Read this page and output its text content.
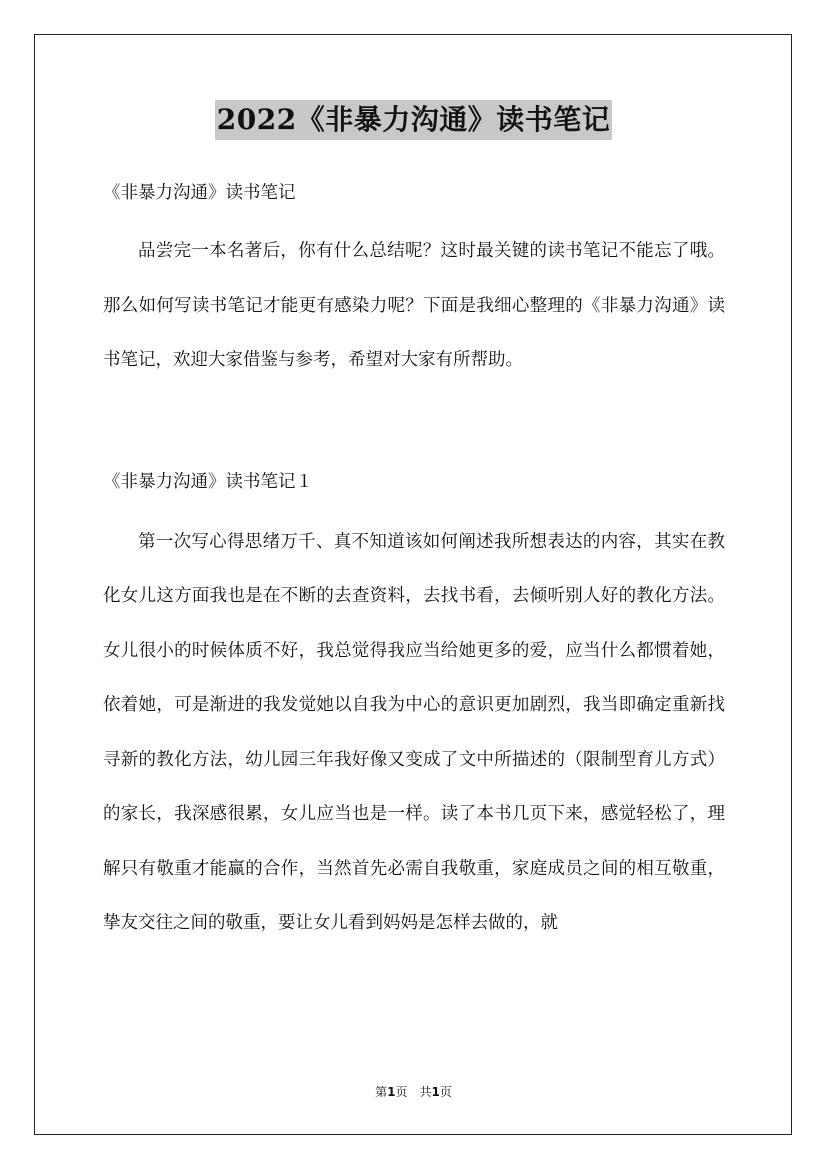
2022《非暴力沟通》读书笔记

《非暴力沟通》读书笔记

品尝完一本名著后，你有什么总结呢？这时最关键的读书笔记不能忘了哦。那么如何写读书笔记才能更有感染力呢？下面是我细心整理的《非暴力沟通》读书笔记，欢迎大家借鉴与参考，希望对大家有所帮助。

《非暴力沟通》读书笔记１

第一次写心得思绪万千、真不知道该如何阐述我所想表达的内容，其实在教化女儿这方面我也是在不断的去查资料，去找书看，去倾听别人好的教化方法。女儿很小的时候体质不好，我总觉得我应当给她更多的爱，应当什么都惯着她，依着她，可是渐进的我发觉她以自我为中心的意识更加剧烈，我当即确定重新找寻新的教化方法，幼儿园三年我好像又变成了文中所描述的（限制型育儿方式）的家长，我深感很累，女儿应当也是一样。读了本书几页下来，感觉轻松了，理解只有敬重才能赢的合作，当然首先必需自我敬重，家庭成员之间的相互敬重，挚友交往之间的敬重，要让女儿看到妈妈是怎样去做的，就

第1页　共1页
